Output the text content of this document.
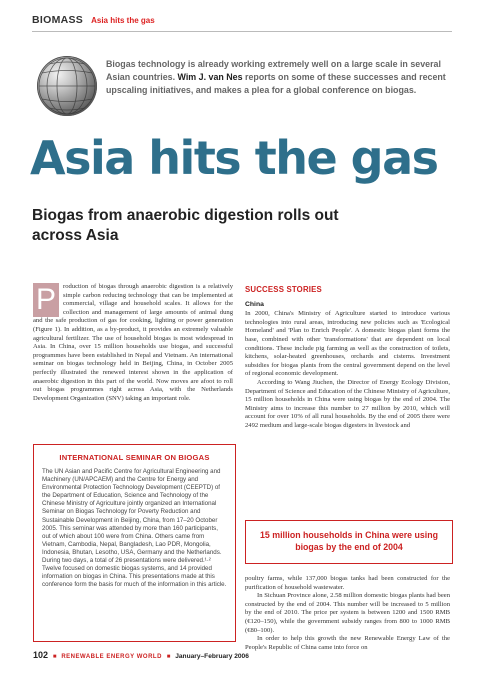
BIOMASS Asia hits the gas
Biogas technology is already working extremely well on a large scale in several Asian countries. Wim J. van Nes reports on some of these successes and recent upscaling initiatives, and makes a plea for a global conference on biogas.
Asia hits the gas
Biogas from anaerobic digestion rolls out across Asia
P	roduction of biogas through anaerobic digestion is a relatively simple carbon reducing technology that can be implemented at commercial, village and household scales. It allows for the collection and management of large amounts of animal dung and the safe production of gas for cooking, lighting or power generation (Figure 1). In addition, as a by-product, it provides an extremely valuable agricultural fertilizer. The use of household biogas is most widespread in Asia. In China, over 15 million households use biogas, and successful programmes have been established in Nepal and Vietnam. An international seminar on biogas technology held in Beijing, China, in October 2005 perfectly illustrated the renewed interest shown in the application of anaerobic digestion in this part of the world. Now moves are afoot to roll out biogas programmes right across Asia, with the Netherlands Development Organization (SNV) taking an important role.

INTERNATIONAL SEMINAR ON BIOGAS
The UN Asian and Pacific Centre for Agricultural Engineering and Machinery (UN/APCAEM) and the Centre for Energy and Environmental Protection Technology Development (CEEPTD) of the Department of Education, Science and Technology of the Chinese Ministry of Agriculture jointly organized an International Seminar on Biogas Technology for Poverty Reduction and Sustainable Development in Beijing, China, from 17–20 October 2005. This seminar was attended by more than 160 participants, out of which about 100 were from China. Others came from Vietnam, Cambodia, Nepal, Bangladesh, Lao PDR, Mongolia, Indonesia, Bhutan, Lesotho, USA, Germany and the Netherlands. During two days, a total of 26 presentations were delivered.¹·² Twelve focused on domestic biogas systems, and 14 provided information on biogas in China. This presentations made at this conference form the basis for much of the information in this article.
SUCCESS STORIES
China

In 2000, China's Ministry of Agriculture started to introduce various technologies into rural areas, introducing new policies such as 'Ecological Homeland' and 'Plan to Enrich People'. A domestic biogas plant forms the base, combined with other 'transformations' that are dependent on local conditions. These include pig farming as well as the construction of toilets, kitchens, solar-heated greenhouses, orchards and cisterns. Investment subsidies for biogas plants from the central government depend on the level of regional economic development.

According to Wang Jiuchen, the Director of Energy Ecology Division, Department of Science and Education of the Chinese Ministry of Agriculture, 15 million households in China were using biogas by the end of 2004. The Ministry aims to increase this number to 27 million by 2010, which will account for over 10% of all rural households. By the end of 2005 there were 2492 medium and large-scale biogas digesters in livestock and

15 million households in China were using biogas by the end of 2004

poultry farms, while 137,000 biogas tanks had been constructed for the purification of household wastewater.

In Sichuan Province alone, 2.58 million domestic biogas plants had been constructed by the end of 2004. This number will be increased to 5 million by the end of 2010. The price per system is between 1200 and 1500 RMB (€120–150), while the government subsidy ranges from 800 to 1000 RMB (€80–100).

In order to help this growth the new Renewable Energy Law of the People's Republic of China came into force on

102 ■ RENEWABLE ENERGY WORLD ■ January–February 2006
